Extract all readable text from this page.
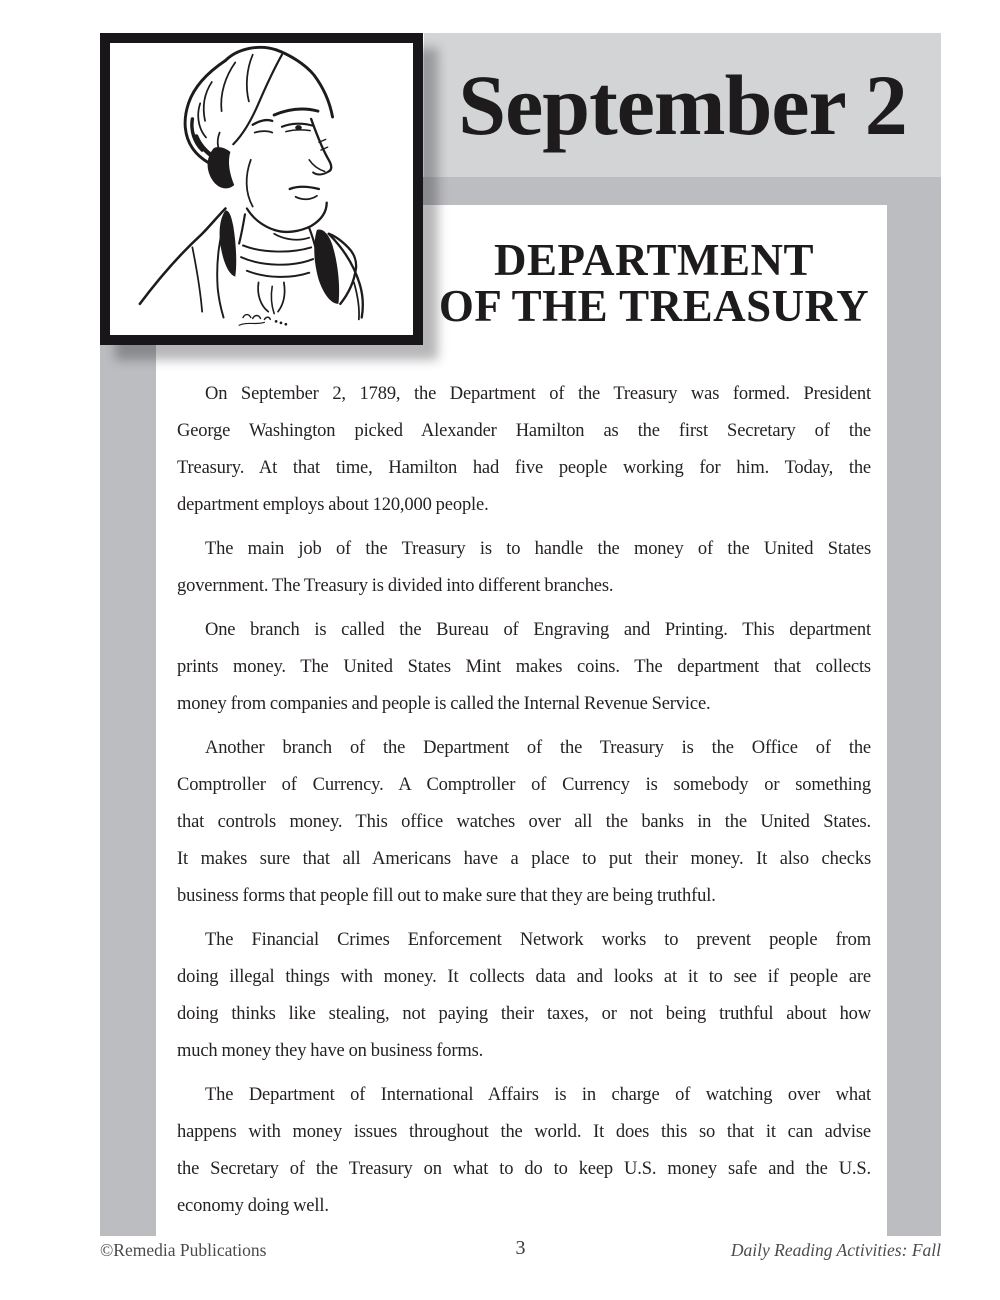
September 2
DEPARTMENT
OF THE TREASURY
On September 2, 1789, the Department of the Treasury was formed. President
George Washington picked Alexander Hamilton as the first Secretary of the
Treasury. At that time, Hamilton had five people working for him. Today, the
department employs about 120,000 people.
The main job of the Treasury is to handle the money of the United States
government. The Treasury is divided into different branches.
One branch is called the Bureau of Engraving and Printing. This department
prints money. The United States Mint makes coins. The department that collects
money from companies and people is called the Internal Revenue Service.
Another branch of the Department of the Treasury is the Office of the
Comptroller of Currency. A Comptroller of Currency is somebody or something
that controls money. This office watches over all the banks in the United States.
It makes sure that all Americans have a place to put their money. It also checks
business forms that people fill out to make sure that they are being truthful.
The Financial Crimes Enforcement Network works to prevent people from
doing illegal things with money. It collects data and looks at it to see if people are
doing thinks like stealing, not paying their taxes, or not being truthful about how
much money they have on business forms.
The Department of International Affairs is in charge of watching over what
happens with money issues throughout the world. It does this so that it can advise
the Secretary of the Treasury on what to do to keep U.S. money safe and the U.S.
economy doing well.
3
©Remedia Publications	Daily Reading Activities: Fall
